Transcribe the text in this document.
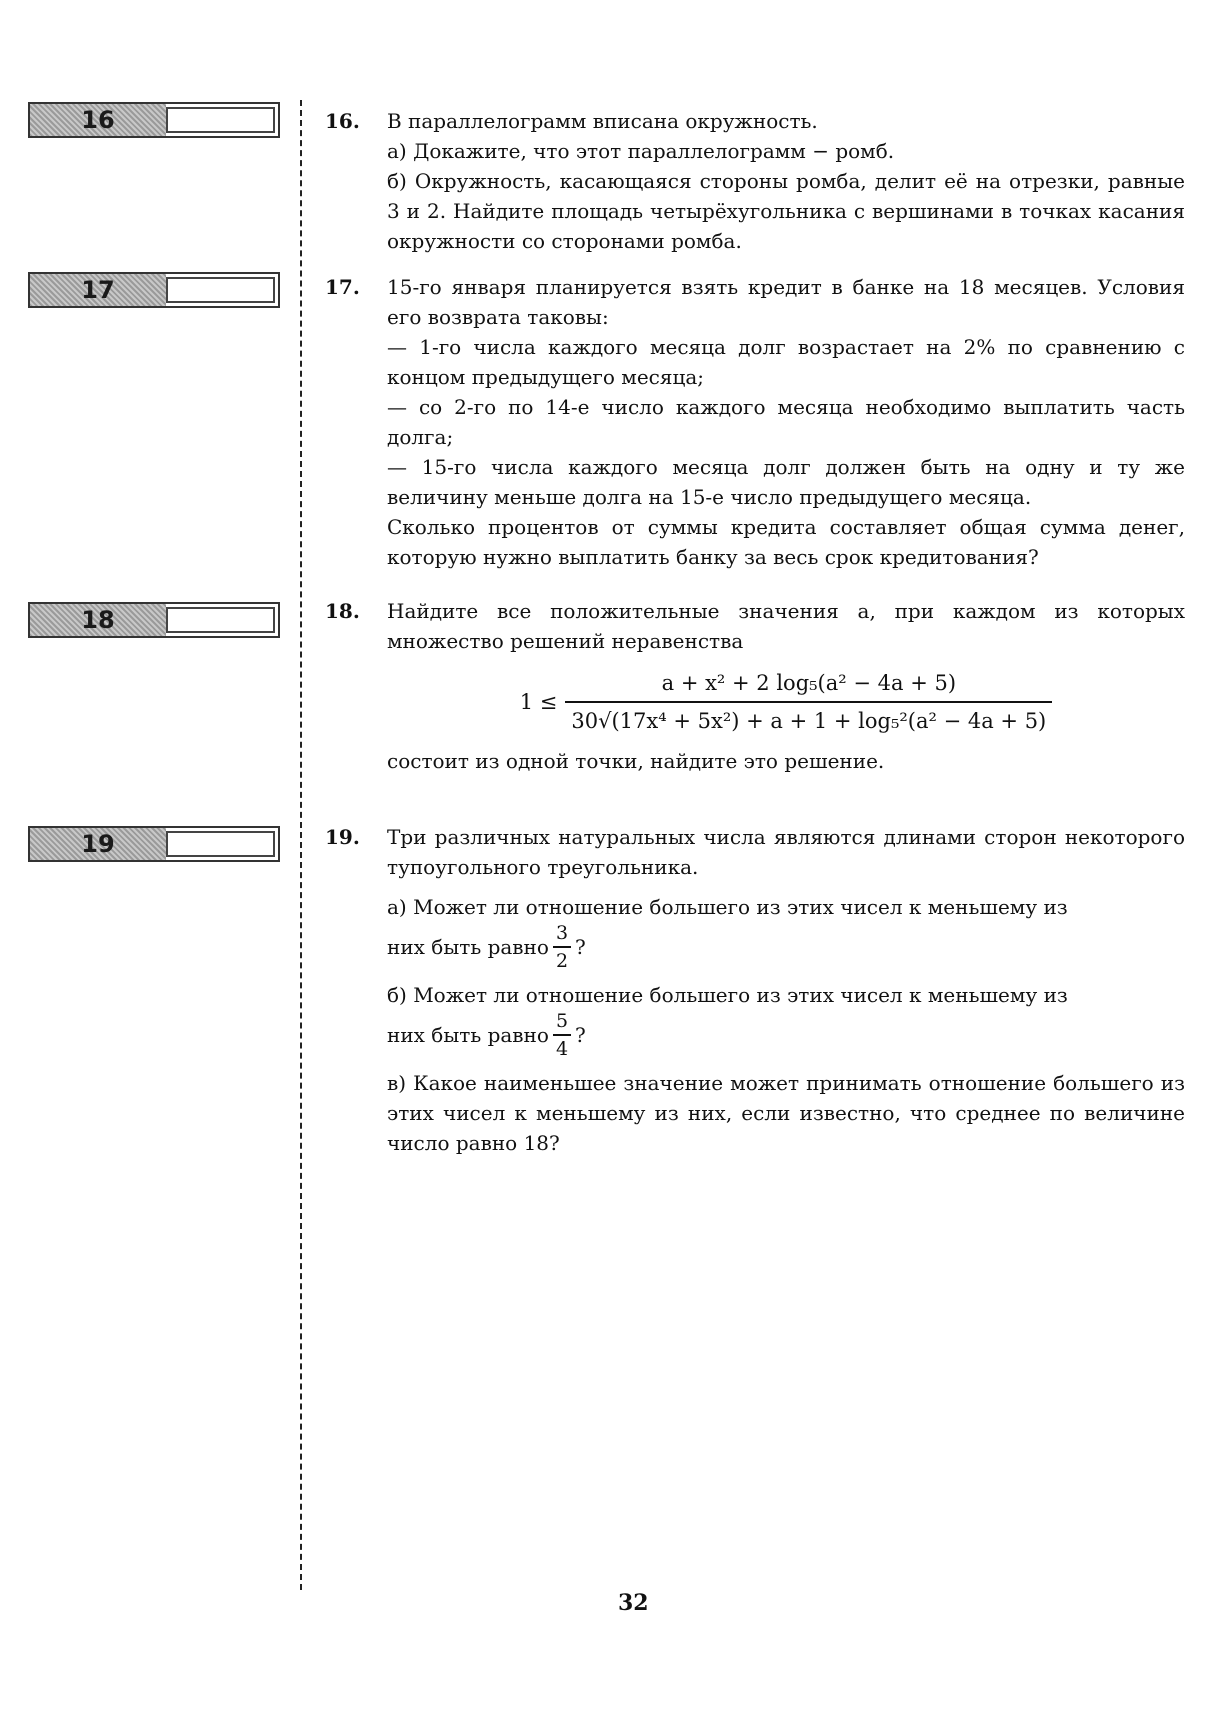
16
17
18
19
16. В параллелограмм вписана окружность.

а) Докажите, что этот параллелограмм − ромб.

б) Окружность, касающаяся стороны ромба, делит её на отрезки, равные 3 и 2. Найдите площадь четырёхугольника с вершинами в точках касания окружности со сторонами ромба.

17. 15-го января планируется взять кредит в банке на 18 месяцев. Условия его возврата таковы:

— 1-го числа каждого месяца долг возрастает на 2% по сравнению с концом предыдущего месяца;

— со 2-го по 14-е число каждого месяца необходимо выплатить часть долга;

— 15-го числа каждого месяца долг должен быть на одну и ту же величину меньше долга на 15-е число предыдущего месяца.

Сколько процентов от суммы кредита составляет общая сумма денег, которую нужно выплатить банку за весь срок кредитования?

18. Найдите все положительные значения a, при каждом из которых множество решений неравенства

$1 \le \frac{\text{a + x² + 2 log₅(a² − 4a + 5)}}{\text{30√(17x⁴ + 5x²) + a + 1 + log₅²(a² − 4a + 5)}}$

состоит из одной точки, найдите это решение.

19. Три различных натуральных числа являются длинами сторон некоторого тупоугольного треугольника.

а) Может ли отношение большего из этих чисел к меньшему из

них быть равно $\frac{3}{2}$ ?

б) Может ли отношение большего из этих чисел к меньшему из

них быть равно $\frac{5}{4}$ ?

в) Какое наименьшее значение может принимать отношение большего из этих чисел к меньшему из них, если известно, что среднее по величине число равно 18?

32
